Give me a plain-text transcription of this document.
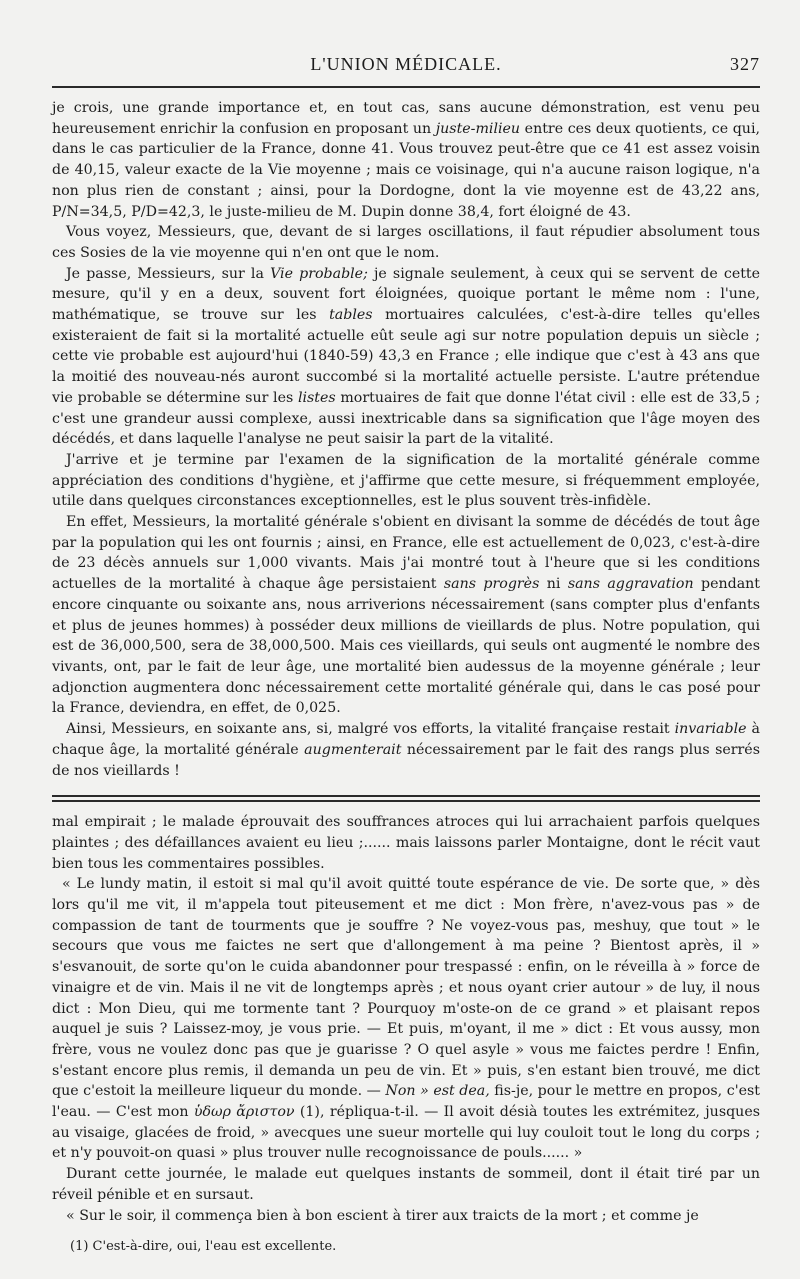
L'UNION MÉDICALE.	327

je crois, une grande importance et, en tout cas, sans aucune démonstration, est venu peu heureusement enrichir la confusion en proposant un juste-milieu entre ces deux quotients, ce qui, dans le cas particulier de la France, donne 41. Vous trouvez peut-être que ce 41 est assez voisin de 40,15, valeur exacte de la Vie moyenne ; mais ce voisinage, qui n'a aucune raison logique, n'a non plus rien de constant ; ainsi, pour la Dordogne, dont la vie moyenne est de 43,22 ans, P/N=34,5, P/D=42,3, le juste-milieu de M. Dupin donne 38,4, fort éloigné de 43.

Vous voyez, Messieurs, que, devant de si larges oscillations, il faut répudier absolument tous ces Sosies de la vie moyenne qui n'en ont que le nom.

Je passe, Messieurs, sur la Vie probable; je signale seulement, à ceux qui se servent de cette mesure, qu'il y en a deux, souvent fort éloignées, quoique portant le même nom : l'une, mathématique, se trouve sur les tables mortuaires calculées, c'est-à-dire telles qu'elles existeraient de fait si la mortalité actuelle eût seule agi sur notre population depuis un siècle ; cette vie probable est aujourd'hui (1840-59) 43,3 en France ; elle indique que c'est à 43 ans que la moitié des nouveau-nés auront succombé si la mortalité actuelle persiste. L'autre prétendue vie probable se détermine sur les listes mortuaires de fait que donne l'état civil : elle est de 33,5 ; c'est une grandeur aussi complexe, aussi inextricable dans sa signification que l'âge moyen des décédés, et dans laquelle l'analyse ne peut saisir la part de la vitalité.

J'arrive et je termine par l'examen de la signification de la mortalité générale comme appréciation des conditions d'hygiène, et j'affirme que cette mesure, si fréquemment employée, utile dans quelques circonstances exceptionnelles, est le plus souvent très-infidèle.

En effet, Messieurs, la mortalité générale s'obient en divisant la somme de décédés de tout âge par la population qui les ont fournis ; ainsi, en France, elle est actuellement de 0,023, c'est-à-dire de 23 décès annuels sur 1,000 vivants. Mais j'ai montré tout à l'heure que si les conditions actuelles de la mortalité à chaque âge persistaient sans progrès ni sans aggravation pendant encore cinquante ou soixante ans, nous arriverions nécessairement (sans compter plus d'enfants et plus de jeunes hommes) à posséder deux millions de vieillards de plus. Notre population, qui est de 36,000,500, sera de 38,000,500. Mais ces vieillards, qui seuls ont augmenté le nombre des vivants, ont, par le fait de leur âge, une mortalité bien audessus de la moyenne générale ; leur adjonction augmentera donc nécessairement cette mortalité générale qui, dans le cas posé pour la France, deviendra, en effet, de 0,025.

Ainsi, Messieurs, en soixante ans, si, malgré vos efforts, la vitalité française restait invariable à chaque âge, la mortalité générale augmenterait nécessairement par le fait des rangs plus serrés de nos vieillards !

mal empirait ; le malade éprouvait des souffrances atroces qui lui arrachaient parfois quelques plaintes ; des défaillances avaient eu lieu ;...... mais laissons parler Montaigne, dont le récit vaut bien tous les commentaires possibles.

« Le lundy matin, il estoit si mal qu'il avoit quitté toute espérance de vie. De sorte que, » dès lors qu'il me vit, il m'appela tout piteusement et me dict : Mon frère, n'avez-vous pas » de compassion de tant de tourments que je souffre ? Ne voyez-vous pas, meshuy, que tout » le secours que vous me faictes ne sert que d'allongement à ma peine ? Bientost après, il » s'esvanouit, de sorte qu'on le cuida abandonner pour trespassé : enfin, on le réveilla à » force de vinaigre et de vin. Mais il ne vit de longtemps après ; et nous oyant crier autour » de luy, il nous dict : Mon Dieu, qui me tormente tant ? Pourquoy m'oste-on de ce grand » et plaisant repos auquel je suis ? Laissez-moy, je vous prie. — Et puis, m'oyant, il me » dict : Et vous aussy, mon frère, vous ne voulez donc pas que je guarisse ? O quel asyle » vous me faictes perdre ! Enfin, s'estant encore plus remis, il demanda un peu de vin. Et » puis, s'en estant bien trouvé, me dict que c'estoit la meilleure liqueur du monde. — Non » est dea, fis-je, pour le mettre en propos, c'est l'eau. — C'est mon ὑδωρ ἄριστον (1), répliqua-t-il. — Il avoit désià toutes les extrémitez, jusques au visaige, glacées de froid, » avecques une sueur mortelle qui luy couloit tout le long du corps ; et n'y pouvoit-on quasi » plus trouver nulle recognoissance de pouls...... »

Durant cette journée, le malade eut quelques instants de sommeil, dont il était tiré par un réveil pénible et en sursaut.

« Sur le soir, il commença bien à bon escient à tirer aux traicts de la mort ; et comme je

(1) C'est-à-dire, oui, l'eau est excellente.
